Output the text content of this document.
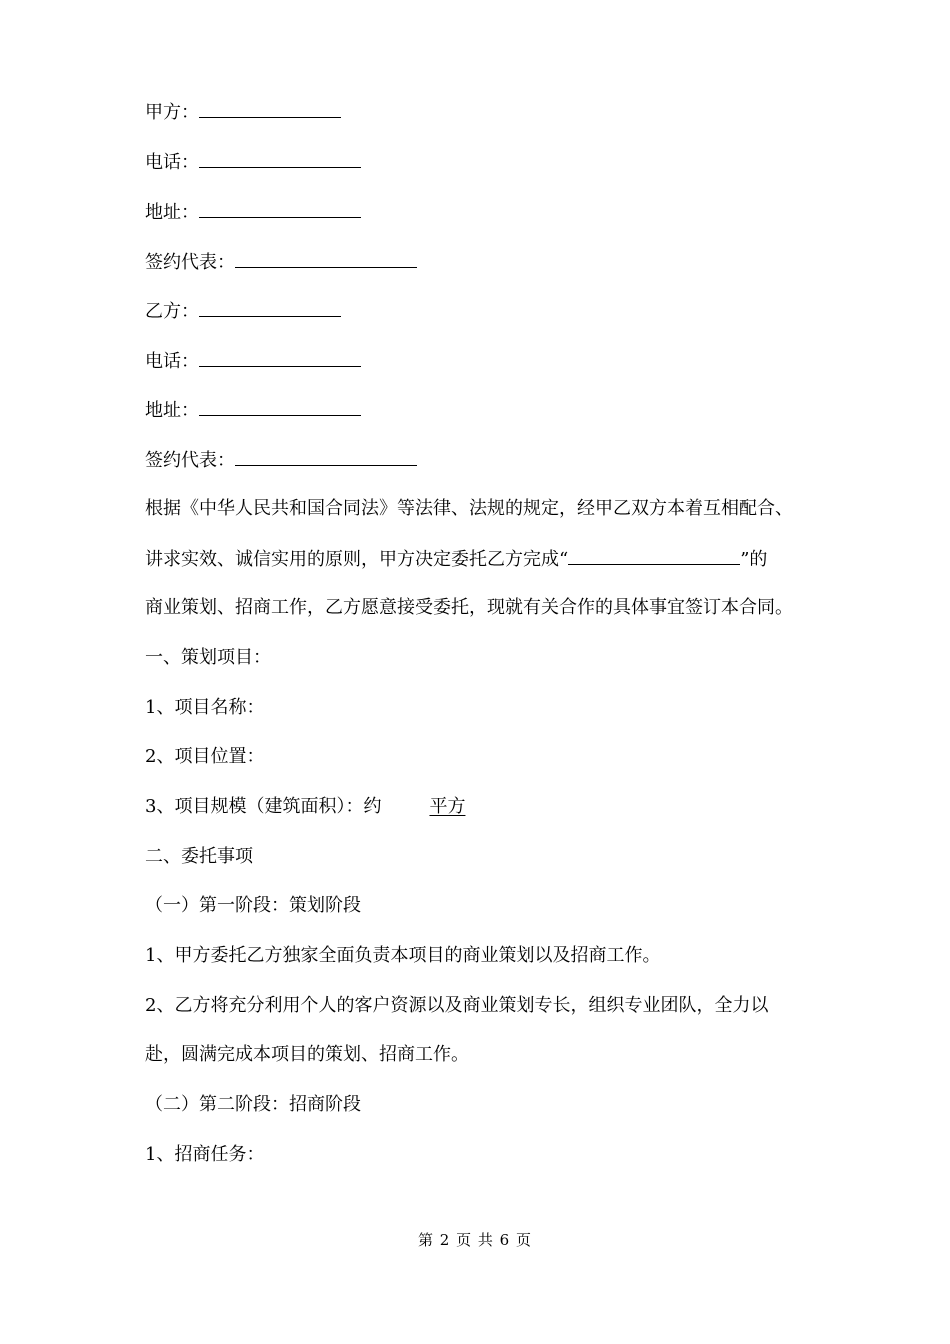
甲方：
电话：
地址：
签约代表：
乙方：
电话：
地址：
签约代表：
根据《中华人民共和国合同法》等法律、法规的规定，经甲乙双方本着互相配合、
讲求实效、诚信实用的原则，甲方决定委托乙方完成“	”的
商业策划、招商工作，乙方愿意接受委托，现就有关合作的具体事宜签订本合同。
一、策划项目：
1、项目名称：
2、项目位置：
3、项目规模（建筑面积）：约	平方
二、委托事项
（一）第一阶段：策划阶段
1、甲方委托乙方独家全面负责本项目的商业策划以及招商工作。
2、乙方将充分利用个人的客户资源以及商业策划专长，组织专业团队，全力以
赴，圆满完成本项目的策划、招商工作。
（二）第二阶段：招商阶段
1、招商任务：
第 2 页 共 6 页
